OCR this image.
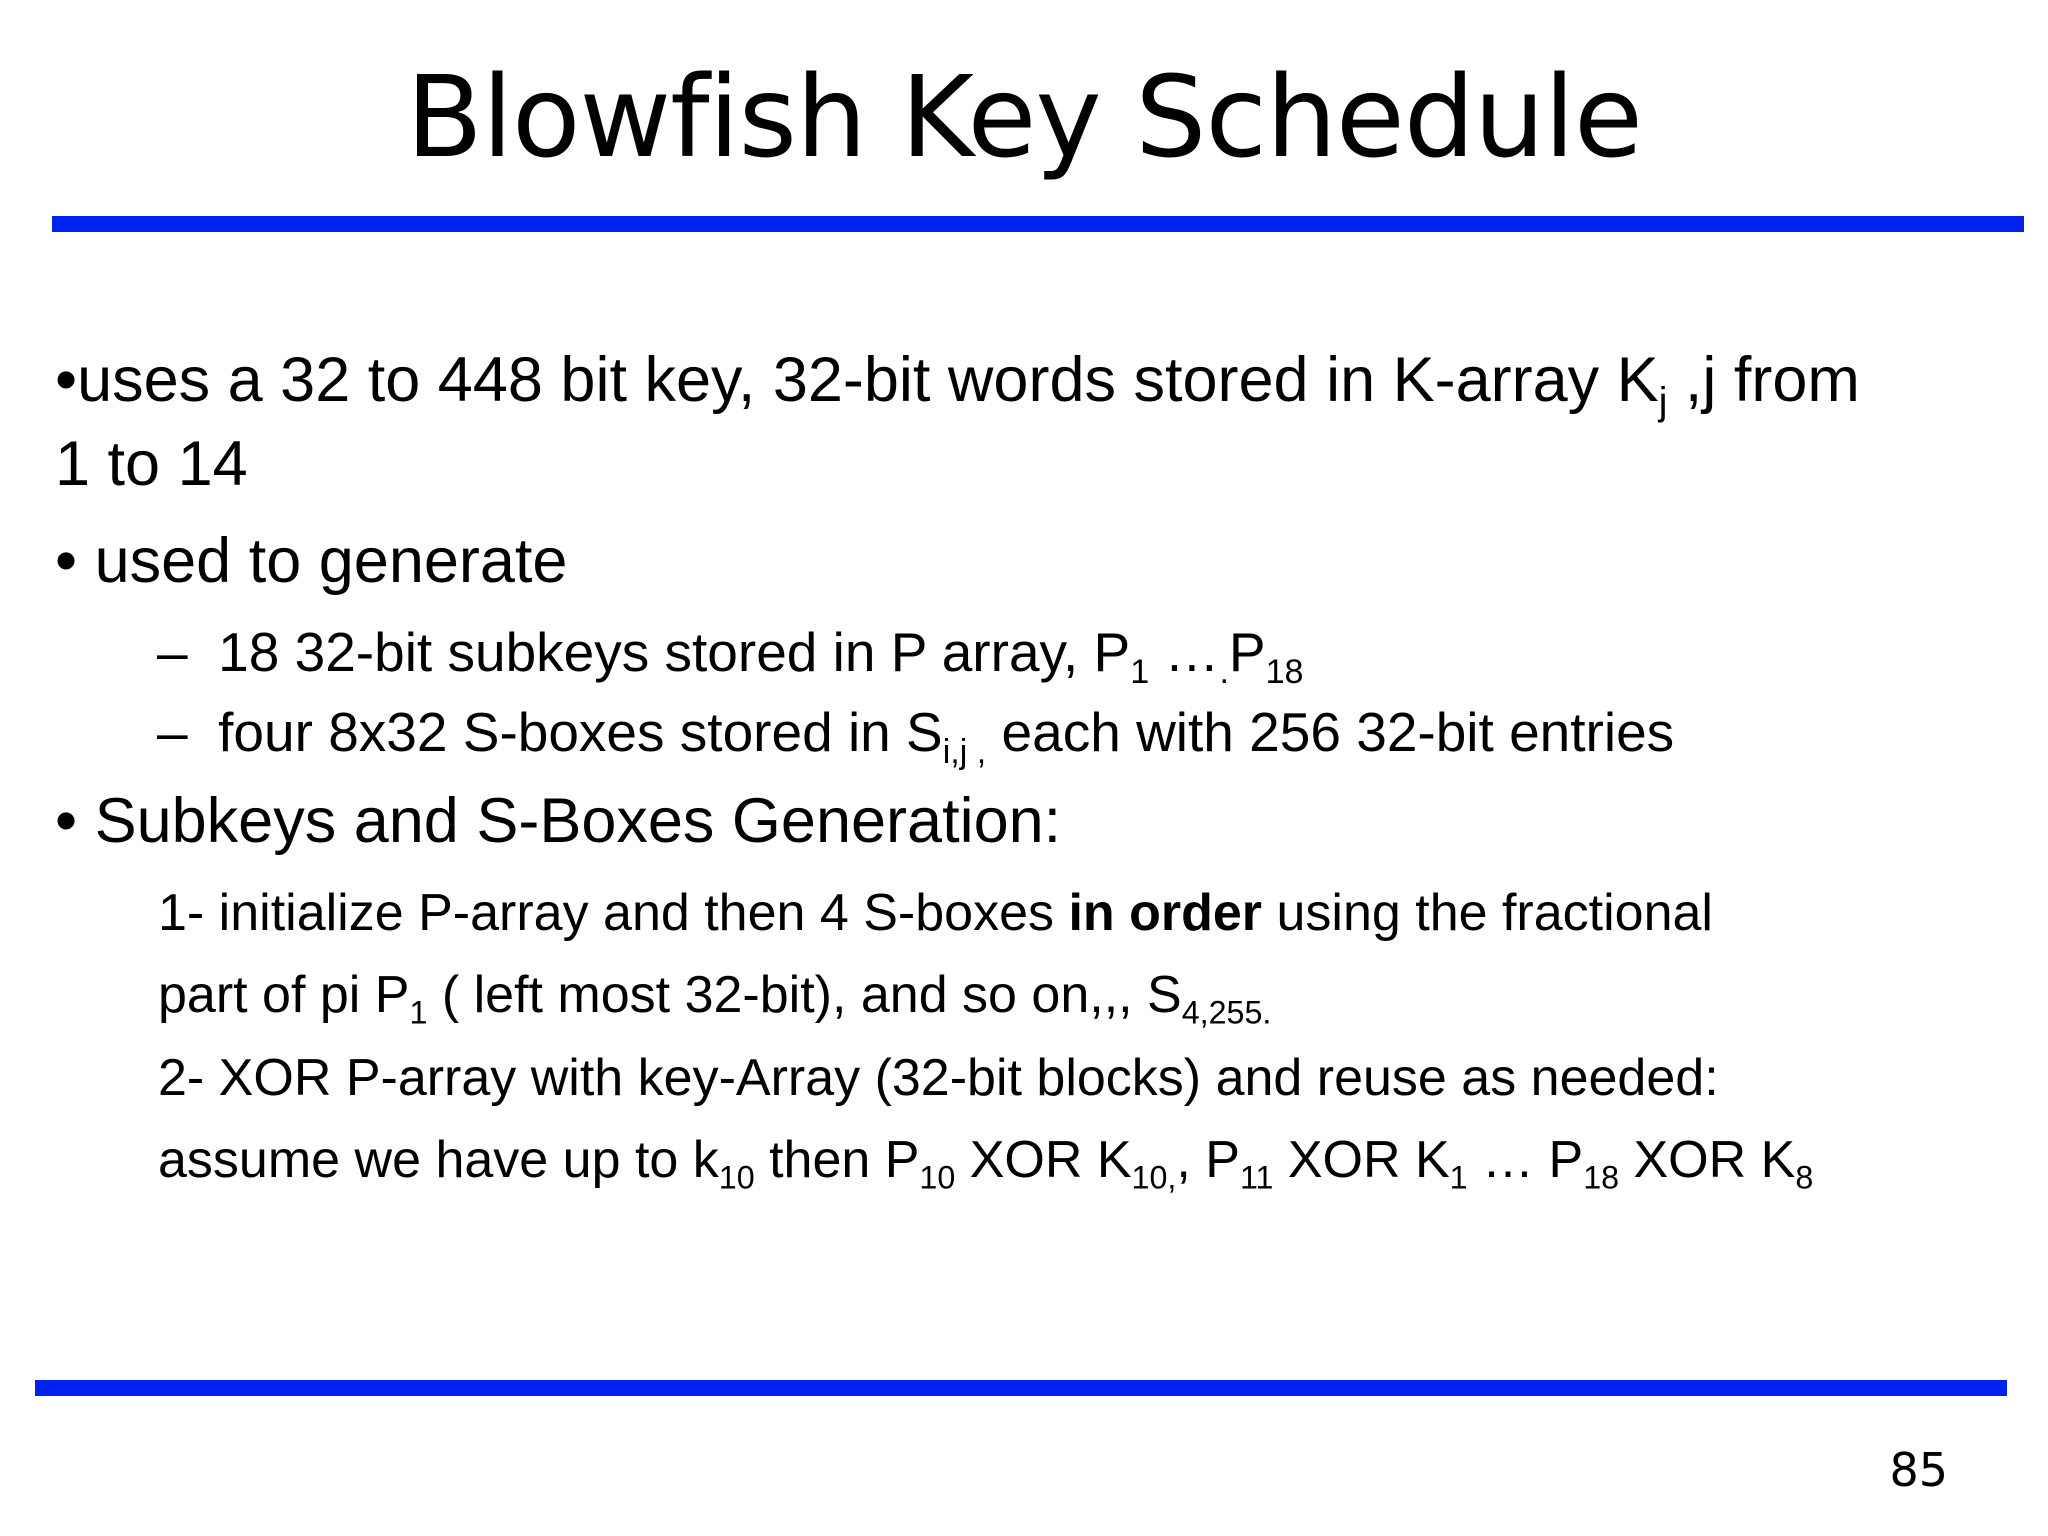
Blowfish Key Schedule
•uses a 32 to 448 bit key, 32-bit words stored in K-array $K_j$ ,j from
1 to 14
• used to generate
– 18 32-bit subkeys stored in P array, $P_1$ $\dots_.P_{18}$
– four 8x32 S-boxes stored in $S_{i,j ,}$ each with 256 32-bit entries
• Subkeys and S-Boxes Generation:
1- initialize P-array and then 4 S-boxes in order using the fractional
part of pi $P_1$ ( left most 32-bit), and so on,,, $S_{4,255.}$
2- XOR P-array with key-Array (32-bit blocks) and reuse as needed:
assume we have up to $k_{10}$ then $P_{10}$ XOR $K_{10,}$, $P_{11}$ XOR $K_1$ … $P_{18}$ XOR $K_8$
85
